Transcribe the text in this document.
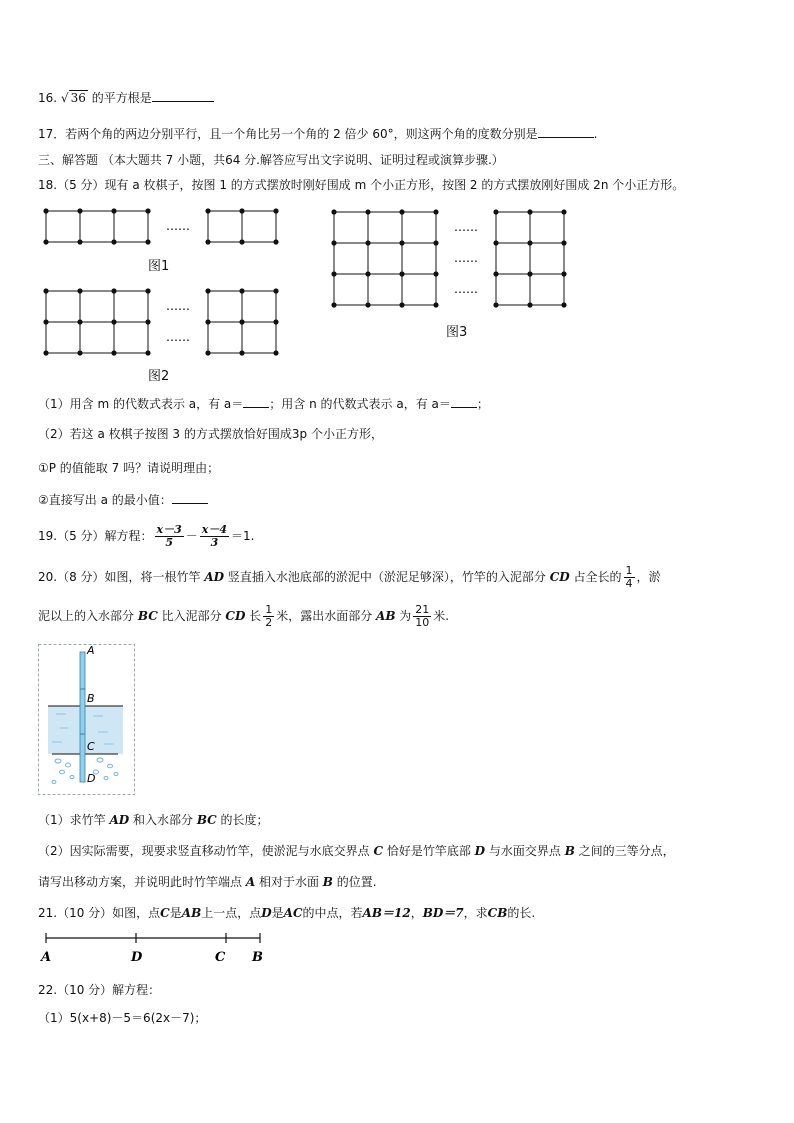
16. √ 36 的平方根是
17．若两个角的两边分别平行，且一个角比另一个角的 2 倍少 60°，则这两个角的度数分别是	.
三、解答题 （本大题共 7 小题，共64 分.解答应写出文字说明、证明过程或演算步骤.）
18.（5 分）现有 a 枚棋子，按图 1 的方式摆放时刚好围成 m 个小正方形，按图 2 的方式摆放刚好围成 2n 个小正方形。
……
图1
……
……
图2
……
……
……
图3
（1）用含 m 的代数式表示 a，有 a＝ ；用含 n 的代数式表示 a，有 a＝ ；
（2）若这 a 枚棋子按图 3 的方式摆放恰好围成3p 个小正方形，
①P 的值能取 7 吗？请说明理由；
②直接写出 a 的最小值：
19.（5 分）解方程： $\frac{x-3}{5} - \frac{x-4}{3} =1$.
20.（8 分）如图，将一根竹竿 AD 竖直插入水池底部的淤泥中（淤泥足够深），竹竿的入泥部分 CD 占全长的 $\frac{1}{4}$ ，淤
泥以上的入水部分 BC 比入泥部分 CD 长 $\frac{1}{2}$ 米，露出水面部分 AB 为 $\frac{21}{10}$ 米.
A
B
C
D
（1）求竹竿 AD 和入水部分 BC 的长度；
（2）因实际需要，现要求竖直移动竹竿，使淤泥与水底交界点 C 恰好是竹竿底部 D 与水面交界点 B 之间的三等分点，
请写出移动方案，并说明此时竹竿端点 A 相对于水面 B 的位置.
21.（10 分）如图，点C是AB上一点，点D是AC的中点，若AB＝12，BD＝7，求CB的长.
A	D	C B
22.（10 分）解方程：
（1）5(x+8)－5＝6(2x－7)；
